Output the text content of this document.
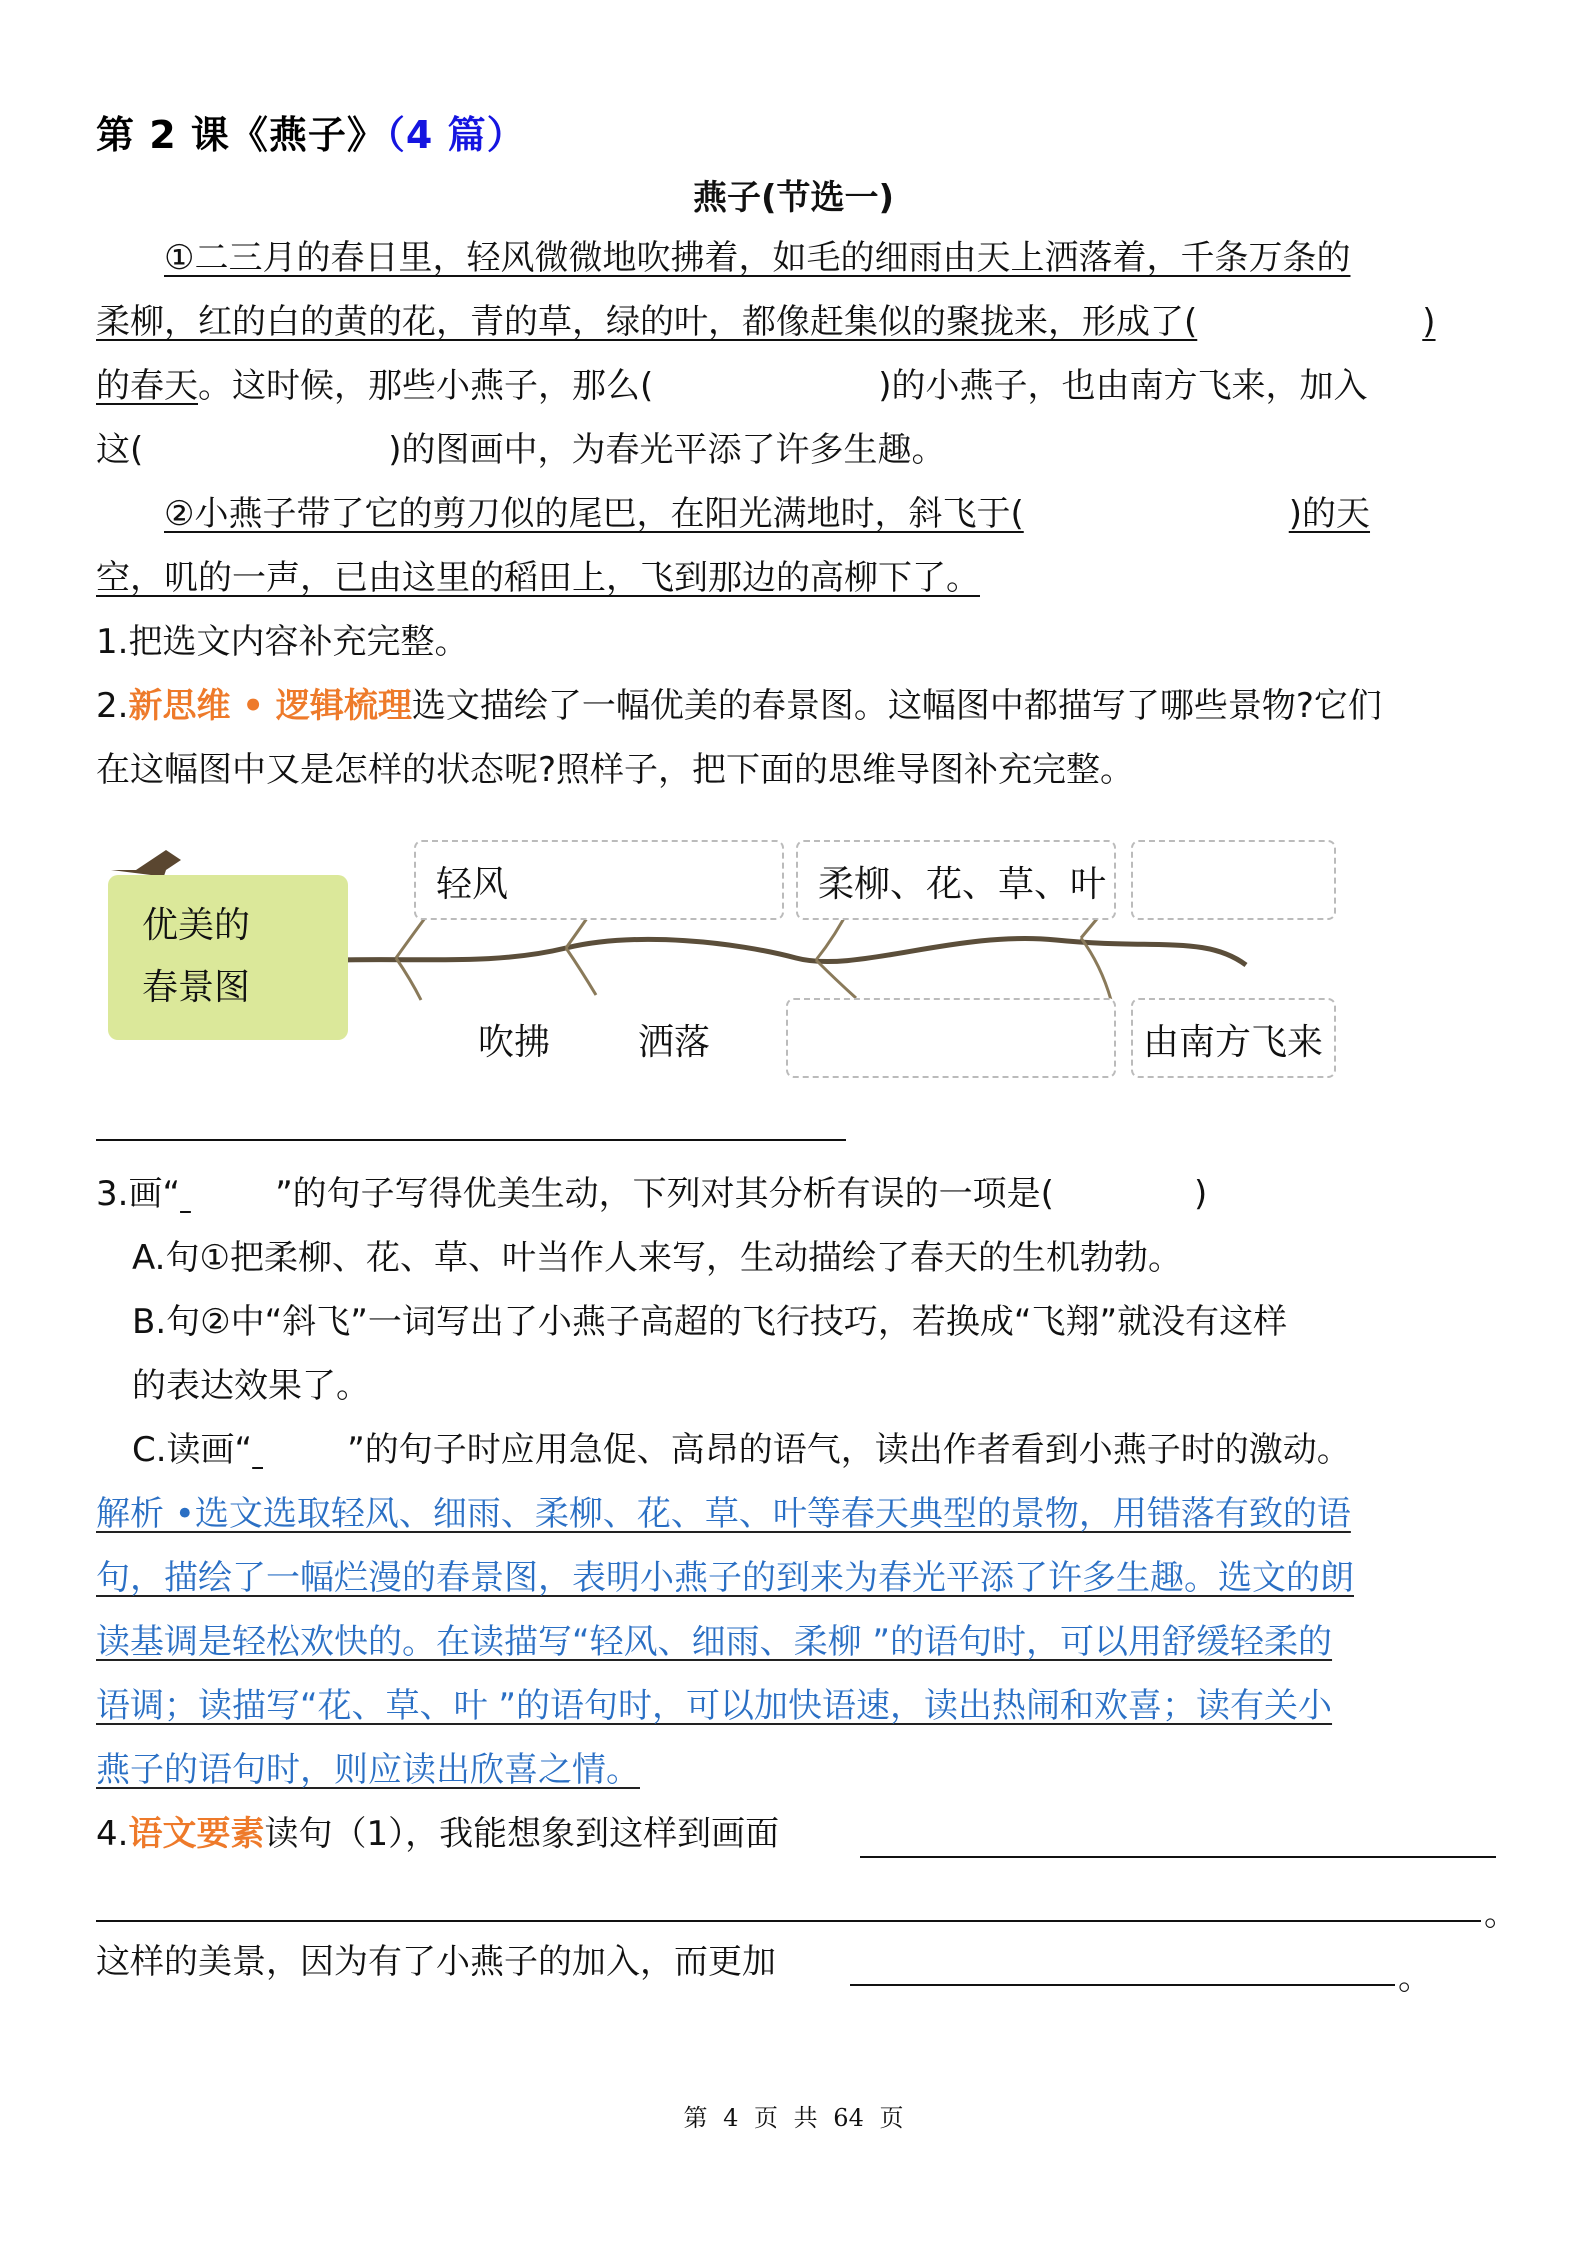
第 2 课《燕子》（4 篇）
燕子(节选一)
①二三月的春日里，轻风微微地吹拂着，如毛的细雨由天上洒落着，千条万条的
柔柳，红的白的黄的花，青的草，绿的叶，都像赶集似的聚拢来，形成了(	)
的春天。这时候，那些小燕子，那么(	)的小燕子，也由南方飞来，加入
这(	)的图画中，为春光平添了许多生趣。
②小燕子带了它的剪刀似的尾巴，在阳光满地时，斜飞于(	)的天
空，叽的一声，已由这里的稻田上，飞到那边的高柳下了。
1.把选文内容补充完整。
2.新思维 • 逻辑梳理选文描绘了一幅优美的春景图。这幅图中都描写了哪些景物?它们
在这幅图中又是怎样的状态呢?照样子，把下面的思维导图补充完整。
优美的
春景图
轻风	柔柳、花、草、叶
吹拂	洒落	由南方飞来
3.画“	”的句子写得优美生动，下列对其分析有误的一项是(	)
A.句①把柔柳、花、草、叶当作人来写，生动描绘了春天的生机勃勃。
B.句②中“斜飞”一词写出了小燕子高超的飞行技巧，若换成“飞翔”就没有这样
的表达效果了。
C.读画“	”的句子时应用急促、高昂的语气，读出作者看到小燕子时的激动。
解析 •选文选取轻风、细雨、柔柳、花、草、叶等春天典型的景物，用错落有致的语
句，描绘了一幅烂漫的春景图，表明小燕子的到来为春光平添了许多生趣。选文的朗
读基调是轻松欢快的。在读描写“轻风、细雨、柔柳 ”的语句时，可以用舒缓轻柔的
语调；读描写“花、草、叶 ”的语句时，可以加快语速，读出热闹和欢喜；读有关小
燕子的语句时，则应读出欣喜之情。
4.语文要素读句（1），我能想象到这样到画面
。
这样的美景，因为有了小燕子的加入，而更加	。
第 4 页 共 64 页
